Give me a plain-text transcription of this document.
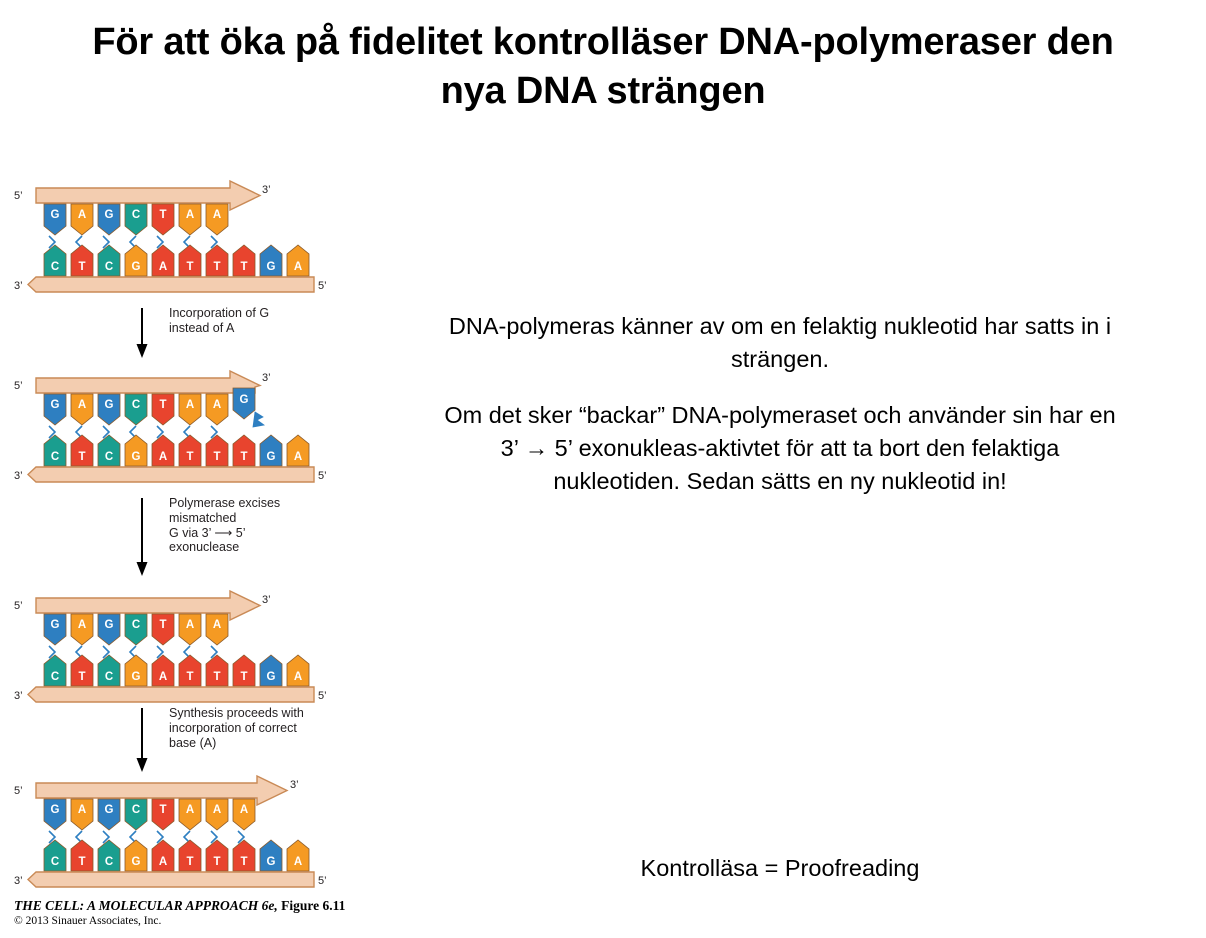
För att öka på fidelitet kontrolläser DNA-polymeraser den nya DNA strängen
G A G C T A A
C T C G A T T T G A
5’	3’
3’	5’
Incorporation of G
instead of A
G A G C T A A G
C T C G A T T T G A
5’
3’
3’	5’
Polymerase excises
mismatched
G via 3’ ⟶ 5’
exonuclease
G A G C T A A
C T C G A T T T G A
5’	3’
3’	5’
Synthesis proceeds with
incorporation of correct
base (A)
G A G C T A A A
C T C G A T T T G A
5’	3’
3’	5’
THE CELL: A MOLECULAR APPROACH 6e, Figure 6.11
© 2013 Sinauer Associates, Inc.

DNA-polymeras känner av om en felaktig nukleotid har satts in i strängen.

Om det sker “backar” DNA-polymeraset och använder sin har en 3’ → 5’ exonukleas-aktivtet för att ta bort den felaktiga nukleotiden. Sedan sätts en ny nukleotid in!

Kontrolläsa = Proofreading
